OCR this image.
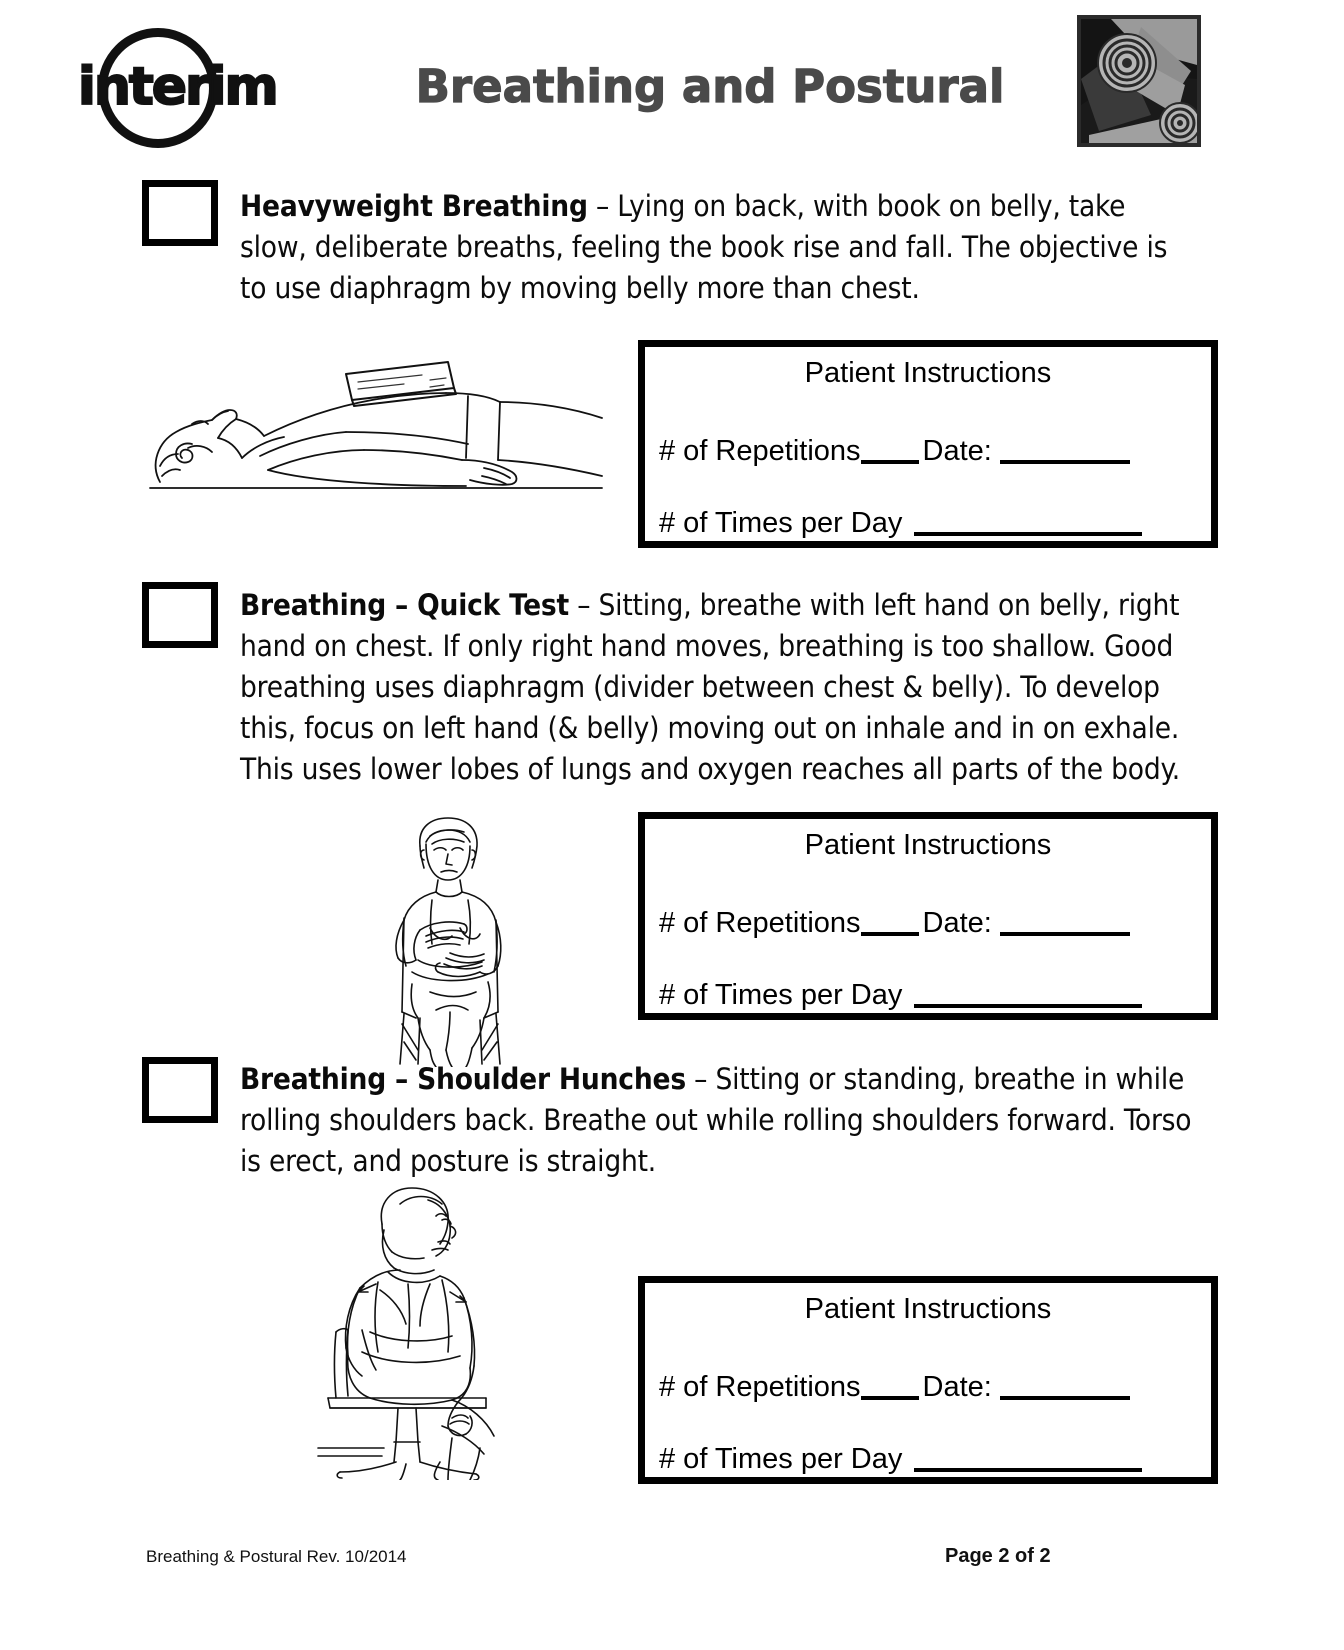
interim	Breathing and Postural
Heavyweight Breathing – Lying on back, with book on belly, take slow, deliberate breaths, feeling the book rise and fall. The objective is to use diaphragm by moving belly more than chest.
Patient Instructions
# of Repetitions Date:
# of Times per Day
Breathing – Quick Test – Sitting, breathe with left hand on belly, right hand on chest. If only right hand moves, breathing is too shallow. Good breathing uses diaphragm (divider between chest & belly). To develop this, focus on left hand (& belly) moving out on inhale and in on exhale. This uses lower lobes of lungs and oxygen reaches all parts of the body.
Patient Instructions
# of Repetitions Date:
# of Times per Day
Breathing – Shoulder Hunches – Sitting or standing, breathe in while rolling shoulders back. Breathe out while rolling shoulders forward. Torso is erect, and posture is straight.
Patient Instructions
# of Repetitions Date:
# of Times per Day
Breathing & Postural Rev. 10/2014	Page 2 of 2
